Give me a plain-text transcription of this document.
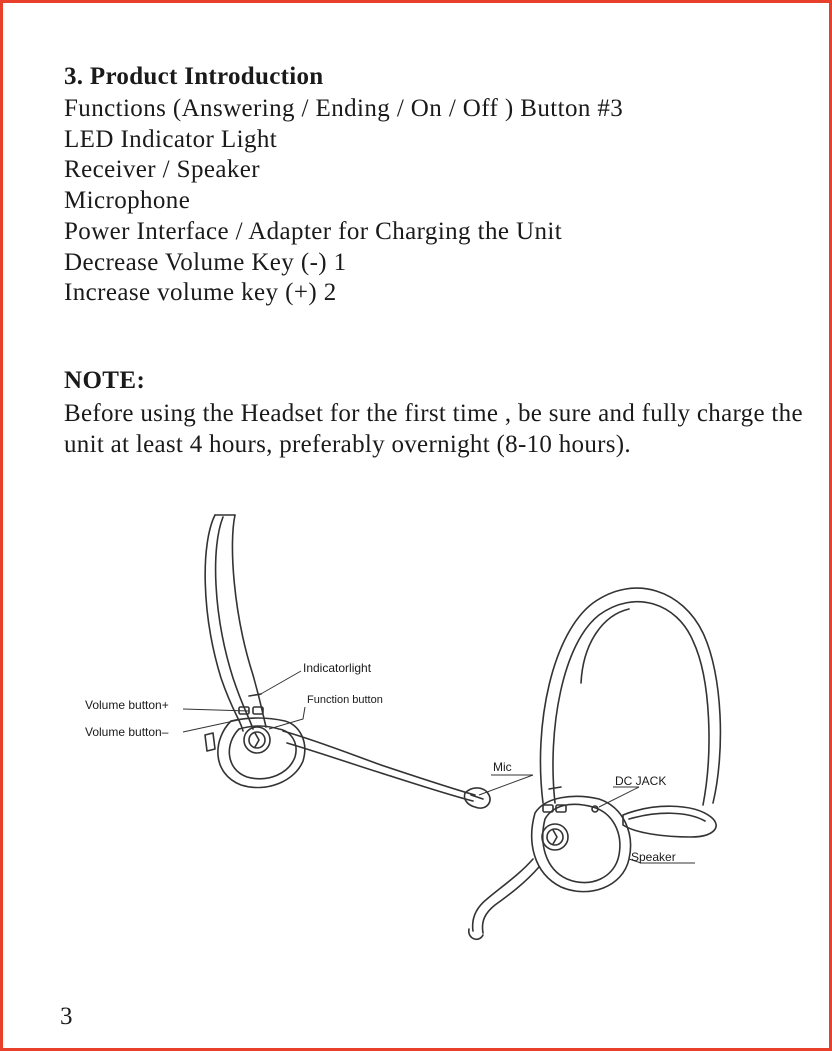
3. Product Introduction
Functions (Answering / Ending / On / Off ) Button #3
LED Indicator Light
Receiver / Speaker
Microphone
Power Interface / Adapter for Charging the Unit
Decrease Volume Key (-) 1
Increase volume key (+) 2
NOTE:

Before using the Headset for the first time , be sure and fully charge the unit at least 4 hours, preferably overnight (8-10 hours).

Indicatorlight
Function button
Volume button+
Volume button–
Mic
DC JACK
Speaker

3
